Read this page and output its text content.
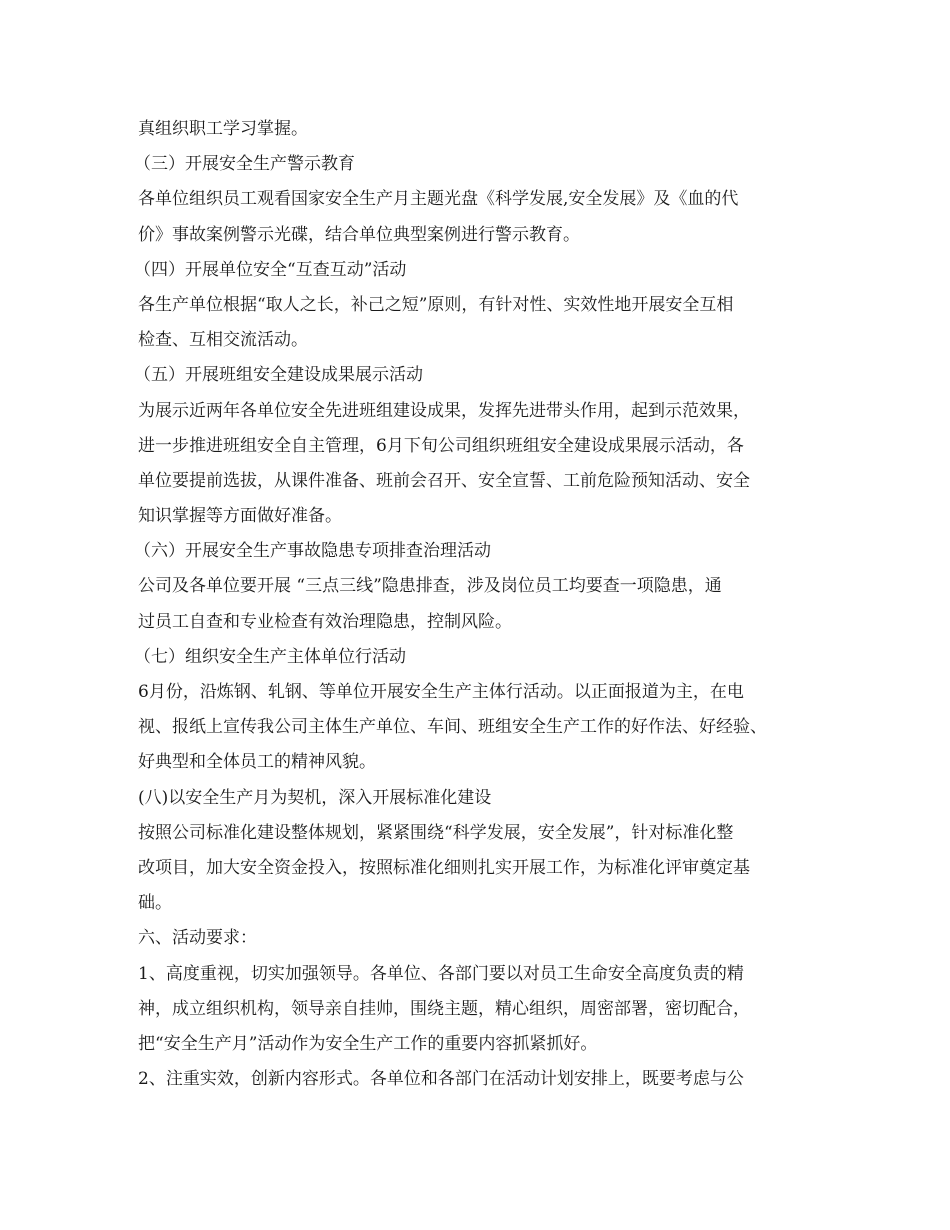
真组织职工学习掌握。
（三）开展安全生产警示教育
各单位组织员工观看国家安全生产月主题光盘《科学发展,安全发展》及《血的代
价》事故案例警示光碟，结合单位典型案例进行警示教育。
（四）开展单位安全“互查互动”活动
各生产单位根据“取人之长，补己之短”原则，有针对性、实效性地开展安全互相
检查、互相交流活动。
（五）开展班组安全建设成果展示活动
为展示近两年各单位安全先进班组建设成果，发挥先进带头作用，起到示范效果，
进一步推进班组安全自主管理，6月下旬公司组织班组安全建设成果展示活动，各
单位要提前选拔，从课件准备、班前会召开、安全宣誓、工前危险预知活动、安全
知识掌握等方面做好准备。
（六）开展安全生产事故隐患专项排查治理活动
公司及各单位要开展 “三点三线”隐患排查，涉及岗位员工均要查一项隐患，通
过员工自查和专业检查有效治理隐患，控制风险。
（七）组织安全生产主体单位行活动
6月份，沿炼钢、轧钢、等单位开展安全生产主体行活动。以正面报道为主，在电
视、报纸上宣传我公司主体生产单位、车间、班组安全生产工作的好作法、好经验、
好典型和全体员工的精神风貌。
(八)以安全生产月为契机，深入开展标准化建设
按照公司标准化建设整体规划，紧紧围绕“科学发展，安全发展”，针对标准化整
改项目，加大安全资金投入，按照标准化细则扎实开展工作，为标准化评审奠定基
础。
六、活动要求：
1、高度重视，切实加强领导。各单位、各部门要以对员工生命安全高度负责的精
神，成立组织机构，领导亲自挂帅，围绕主题，精心组织，周密部署，密切配合，
把“安全生产月”活动作为安全生产工作的重要内容抓紧抓好。
2、注重实效，创新内容形式。各单位和各部门在活动计划安排上，既要考虑与公
